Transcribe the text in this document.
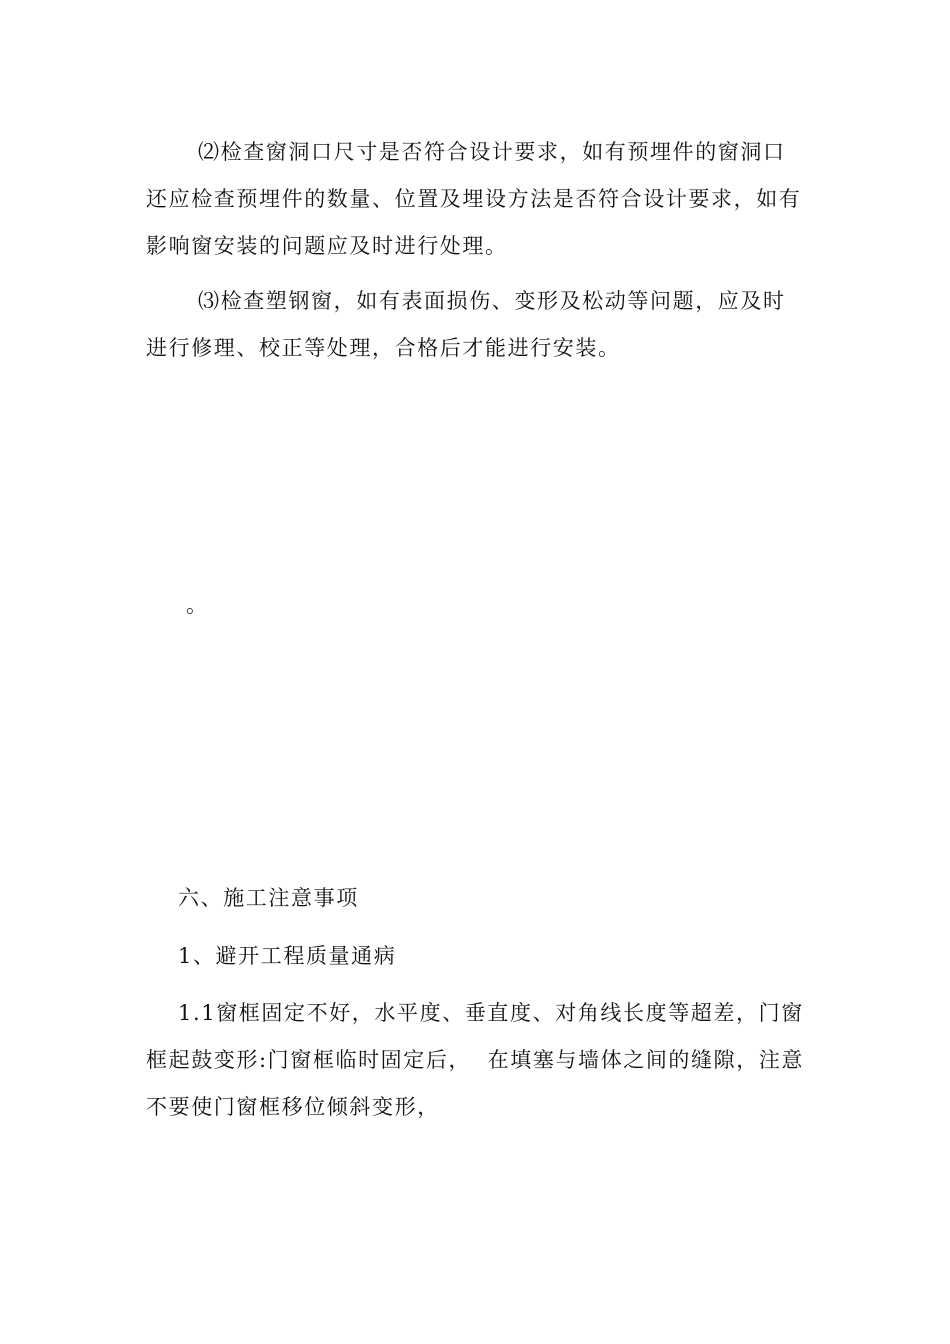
⑵检查窗洞口尺寸是否符合设计要求，如有预埋件的窗洞口
还应检查预埋件的数量、位置及埋设方法是否符合设计要求，如有
影响窗安装的问题应及时进行处理。
⑶检查塑钢窗，如有表面损伤、变形及松动等问题，应及时
进行修理、校正等处理，合格后才能进行安装。
。
六、施工注意事项
1、避开工程质量通病
1.1窗框固定不好，水平度、垂直度、对角线长度等超差，门窗
框起鼓变形:门窗框临时固定后，  在填塞与墙体之间的缝隙，注意
不要使门窗框移位倾斜变形，
